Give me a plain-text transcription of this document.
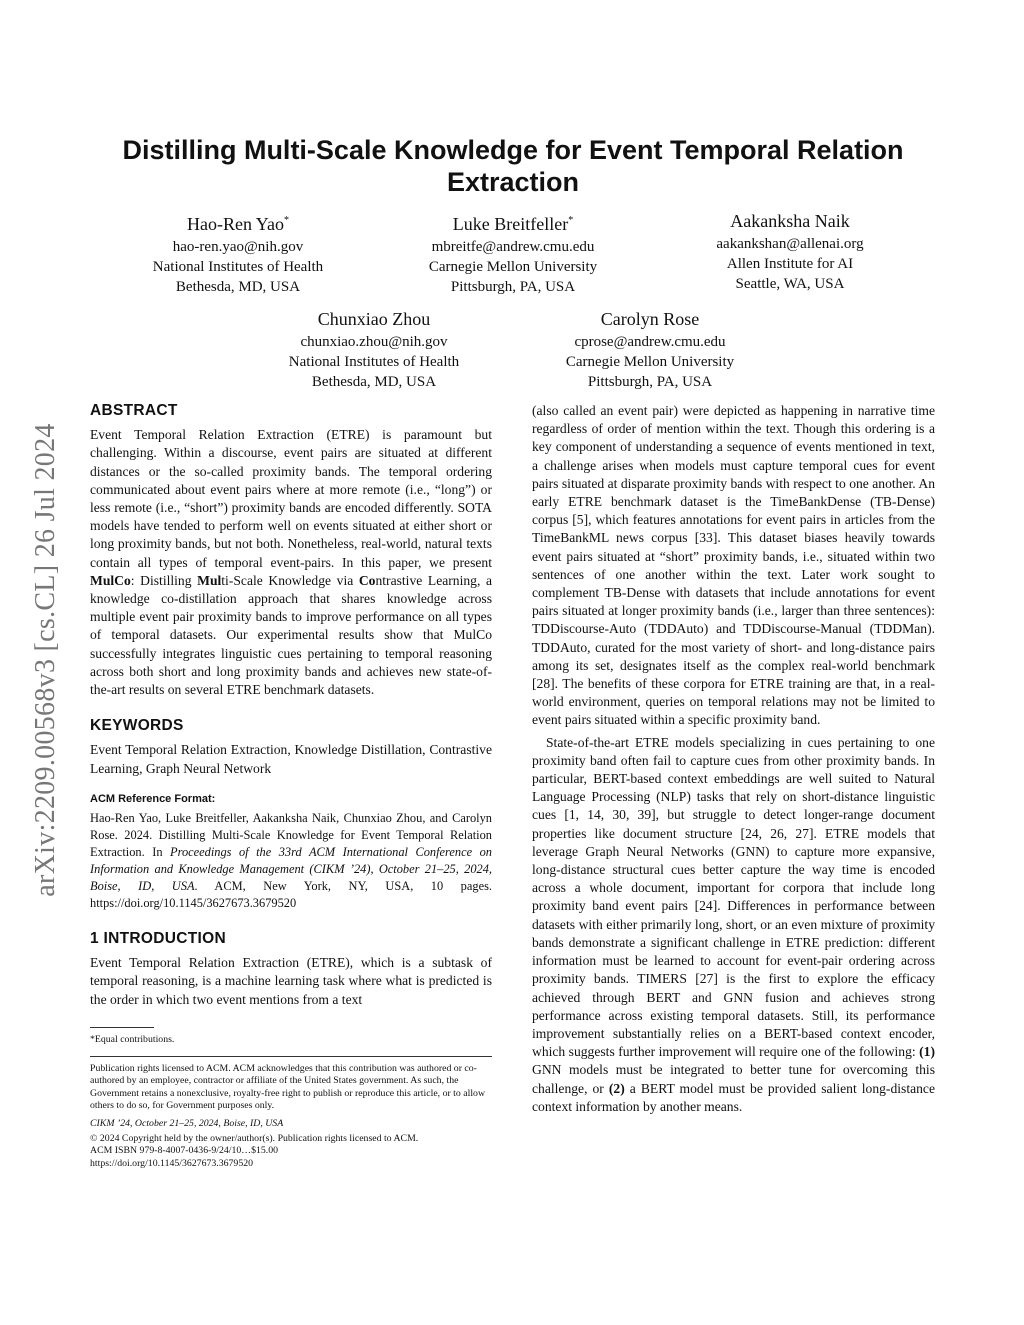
arXiv:2209.00568v3 [cs.CL] 26 Jul 2024
Distilling Multi-Scale Knowledge for Event Temporal Relation Extraction
Hao-Ren Yao*
hao-ren.yao@nih.gov
National Institutes of Health
Bethesda, MD, USA
Luke Breitfeller*
mbreitfe@andrew.cmu.edu
Carnegie Mellon University
Pittsburgh, PA, USA
Aakanksha Naik
aakankshan@allenai.org
Allen Institute for AI
Seattle, WA, USA
Chunxiao Zhou
chunxiao.zhou@nih.gov
National Institutes of Health
Bethesda, MD, USA
Carolyn Rose
cprose@andrew.cmu.edu
Carnegie Mellon University
Pittsburgh, PA, USA
ABSTRACT

Event Temporal Relation Extraction (ETRE) is paramount but challenging. Within a discourse, event pairs are situated at different distances or the so-called proximity bands. The temporal ordering communicated about event pairs where at more remote (i.e., “long”) or less remote (i.e., “short”) proximity bands are encoded differently. SOTA models have tended to perform well on events situated at either short or long proximity bands, but not both. Nonetheless, real-world, natural texts contain all types of temporal event-pairs. In this paper, we present MulCo: Distilling Multi-Scale Knowledge via Contrastive Learning, a knowledge co-distillation approach that shares knowledge across multiple event pair proximity bands to improve performance on all types of temporal datasets. Our experimental results show that MulCo successfully integrates linguistic cues pertaining to temporal reasoning across both short and long proximity bands and achieves new state-of-the-art results on several ETRE benchmark datasets.

KEYWORDS

Event Temporal Relation Extraction, Knowledge Distillation, Contrastive Learning, Graph Neural Network

ACM Reference Format:

Hao-Ren Yao, Luke Breitfeller, Aakanksha Naik, Chunxiao Zhou, and Carolyn Rose. 2024. Distilling Multi-Scale Knowledge for Event Temporal Relation Extraction. In Proceedings of the 33rd ACM International Conference on Information and Knowledge Management (CIKM ’24), October 21–25, 2024, Boise, ID, USA. ACM, New York, NY, USA, 10 pages. https://doi.org/10.1145/3627673.3679520

1 INTRODUCTION

Event Temporal Relation Extraction (ETRE), which is a subtask of temporal reasoning, is a machine learning task where what is predicted is the order in which two event mentions from a text

*Equal contributions.
Publication rights licensed to ACM. ACM acknowledges that this contribution was authored or co-authored by an employee, contractor or affiliate of the United States government. As such, the Government retains a nonexclusive, royalty-free right to publish or reproduce this article, or to allow others to do so, for Government purposes only.
CIKM ’24, October 21–25, 2024, Boise, ID, USA
© 2024 Copyright held by the owner/author(s). Publication rights licensed to ACM.
ACM ISBN 979-8-4007-0436-9/24/10…$15.00
https://doi.org/10.1145/3627673.3679520

(also called an event pair) were depicted as happening in narrative time regardless of order of mention within the text. Though this ordering is a key component of understanding a sequence of events mentioned in text, a challenge arises when models must capture temporal cues for event pairs situated at disparate proximity bands with respect to one another. An early ETRE benchmark dataset is the TimeBankDense (TB-Dense) corpus [5], which features annotations for event pairs in articles from the TimeBankML news corpus [33]. This dataset biases heavily towards event pairs situated at “short” proximity bands, i.e., situated within two sentences of one another within the text. Later work sought to complement TB-Dense with datasets that include annotations for event pairs situated at longer proximity bands (i.e., larger than three sentences): TDDiscourse-Auto (TDDAuto) and TDDiscourse-Manual (TDDMan). TDDAuto, curated for the most variety of short- and long-distance pairs among its set, designates itself as the complex real-world benchmark [28]. The benefits of these corpora for ETRE training are that, in a real-world environment, queries on temporal relations may not be limited to event pairs situated within a specific proximity band.

State-of-the-art ETRE models specializing in cues pertaining to one proximity band often fail to capture cues from other proximity bands. In particular, BERT-based context embeddings are well suited to Natural Language Processing (NLP) tasks that rely on short-distance linguistic cues [1, 14, 30, 39], but struggle to detect longer-range document properties like document structure [24, 26, 27]. ETRE models that leverage Graph Neural Networks (GNN) to capture more expansive, long-distance structural cues better capture the way time is encoded across a whole document, important for corpora that include long proximity band event pairs [24]. Differences in performance between datasets with either primarily long, short, or an even mixture of proximity bands demonstrate a significant challenge in ETRE prediction: different information must be learned to account for event-pair ordering across proximity bands. TIMERS [27] is the first to explore the efficacy achieved through BERT and GNN fusion and achieves strong performance across existing temporal datasets. Still, its performance improvement substantially relies on a BERT-based context encoder, which suggests further improvement will require one of the following: (1) GNN models must be integrated to better tune for overcoming this challenge, or (2) a BERT model must be provided salient long-distance context information by another means.
